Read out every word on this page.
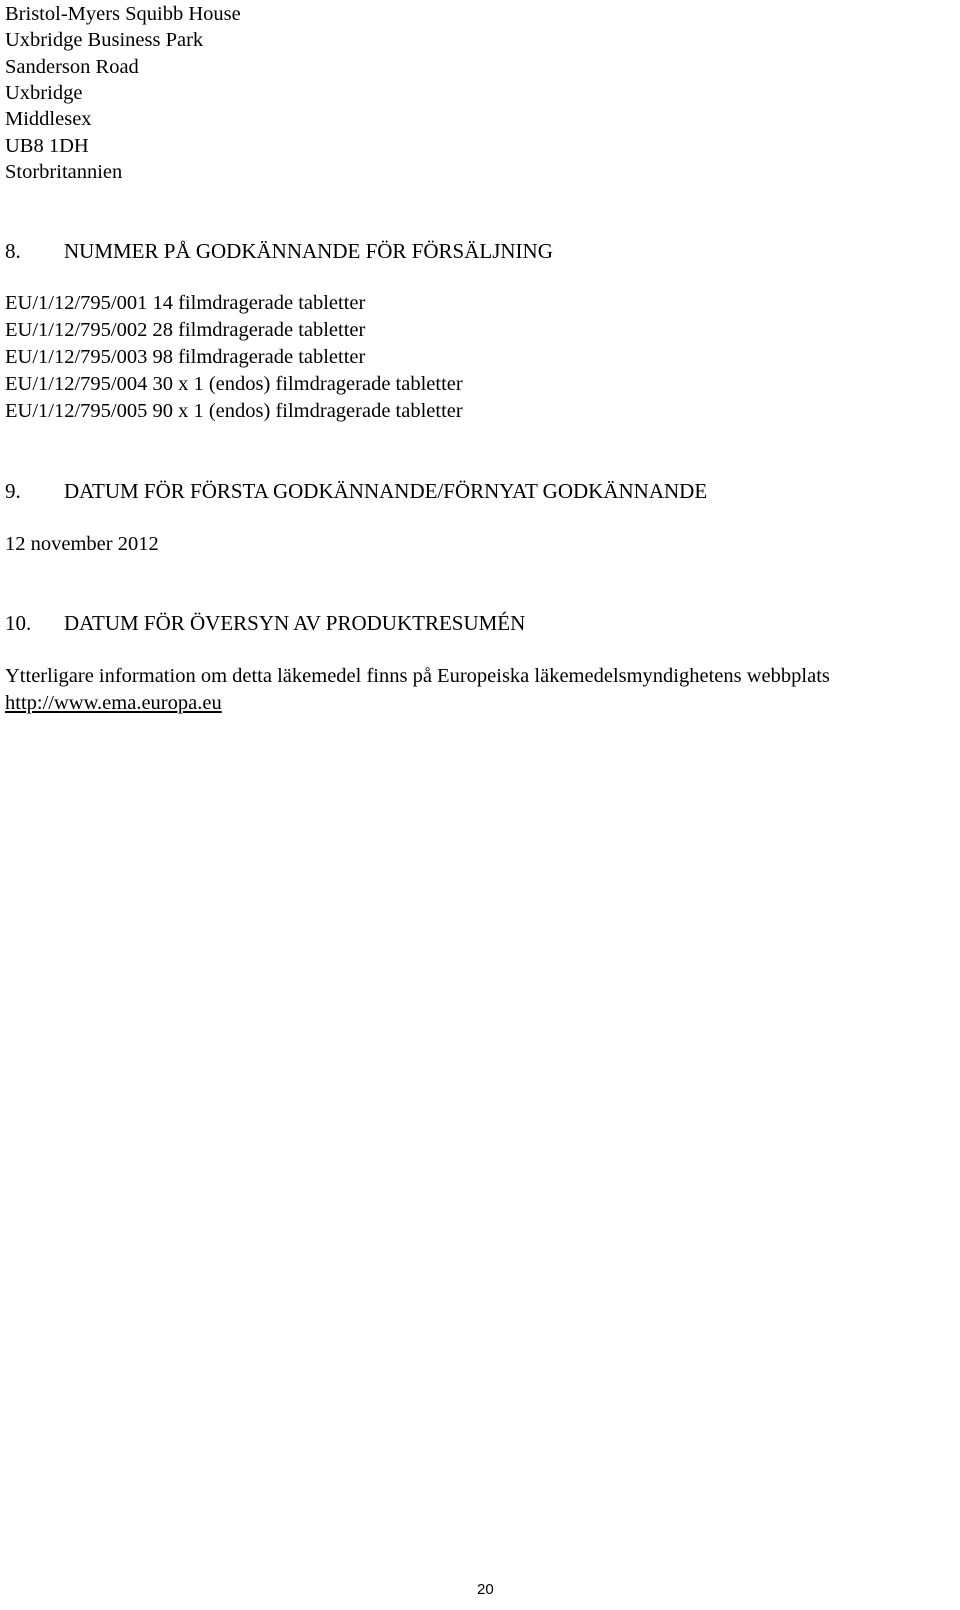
Bristol-Myers Squibb House
Uxbridge Business Park
Sanderson Road
Uxbridge
Middlesex
UB8 1DH
Storbritannien
8. NUMMER PÅ GODKÄNNANDE FÖR FÖRSÄLJNING
EU/1/12/795/001 14 filmdragerade tabletter
EU/1/12/795/002 28 filmdragerade tabletter
EU/1/12/795/003 98 filmdragerade tabletter
EU/1/12/795/004 30 x 1 (endos) filmdragerade tabletter
EU/1/12/795/005 90 x 1 (endos) filmdragerade tabletter
9. DATUM FÖR FÖRSTA GODKÄNNANDE/FÖRNYAT GODKÄNNANDE
12 november 2012
10. DATUM FÖR ÖVERSYN AV PRODUKTRESUMÉN
Ytterligare information om detta läkemedel finns på Europeiska läkemedelsmyndighetens webbplats
http://www.ema.europa.eu
20
